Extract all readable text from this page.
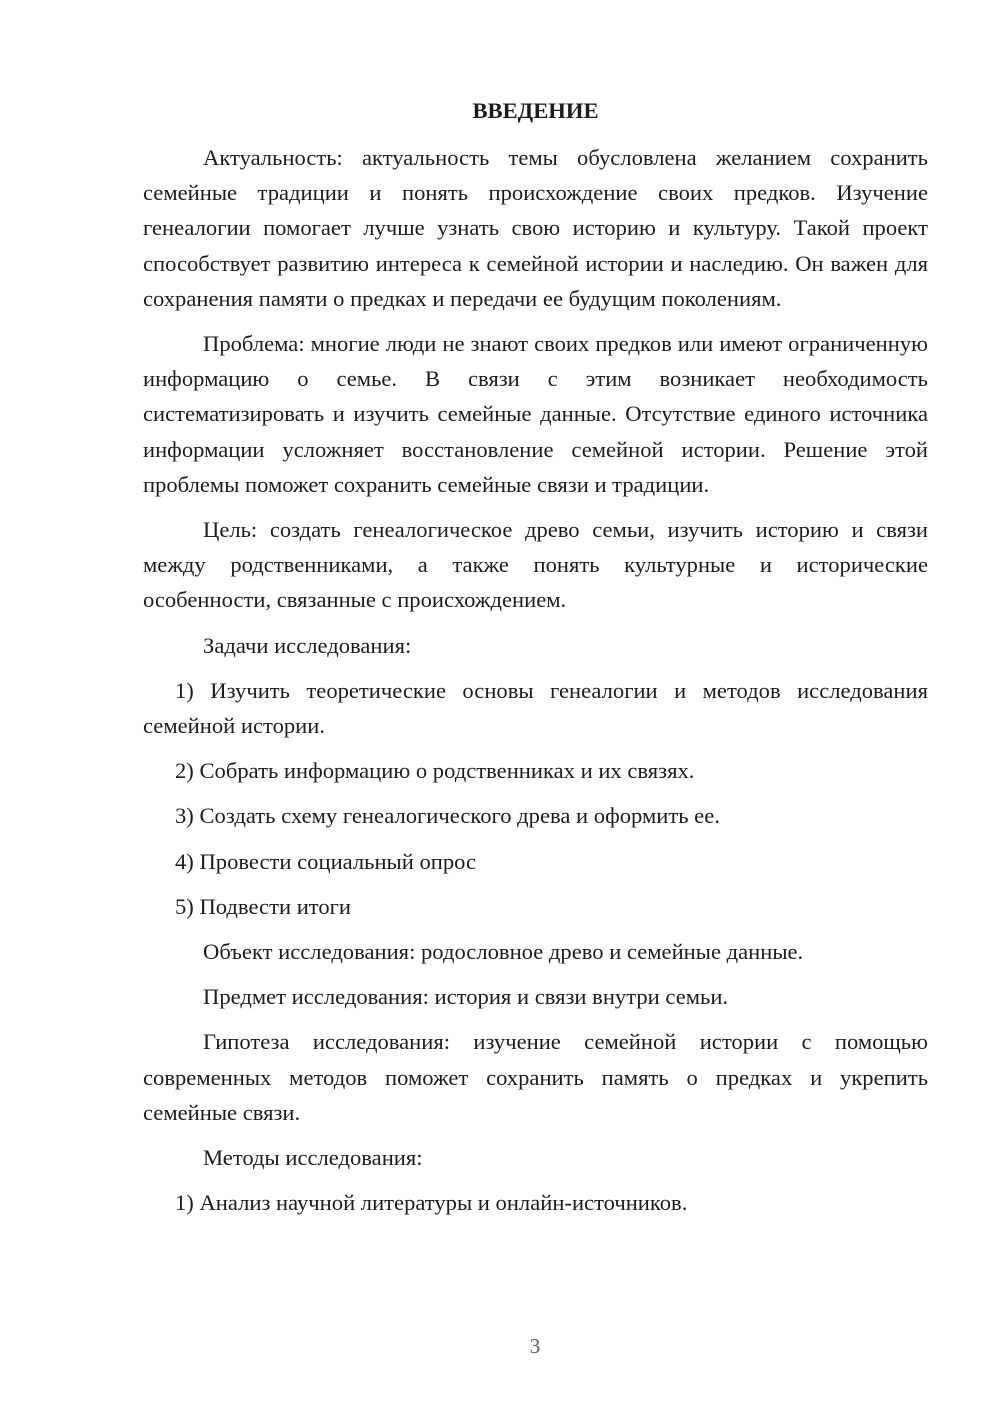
ВВЕДЕНИЕ

Актуальность: актуальность темы обусловлена желанием сохранить семейные традиции и понять происхождение своих предков. Изучение генеалогии помогает лучше узнать свою историю и культуру. Такой проект способствует развитию интереса к семейной истории и наследию. Он важен для сохранения памяти о предках и передачи ее будущим поколениям.

Проблема: многие люди не знают своих предков или имеют ограниченную информацию о семье. В связи с этим возникает необходимость систематизировать и изучить семейные данные. Отсутствие единого источника информации усложняет восстановление семейной истории. Решение этой проблемы поможет сохранить семейные связи и традиции.

Цель: создать генеалогическое древо семьи, изучить историю и связи между родственниками, а также понять культурные и исторические особенности, связанные с происхождением.

Задачи исследования:

1) Изучить теоретические основы генеалогии и методов исследования семейной истории.

2) Собрать информацию о родственниках и их связях.

3) Создать схему генеалогического древа и оформить ее.

4) Провести социальный опрос

5) Подвести итоги

Объект исследования: родословное древо и семейные данные.

Предмет исследования: история и связи внутри семьи.

Гипотеза исследования: изучение семейной истории с помощью современных методов поможет сохранить память о предках и укрепить семейные связи.

Методы исследования:

1) Анализ научной литературы и онлайн-источников.

3
